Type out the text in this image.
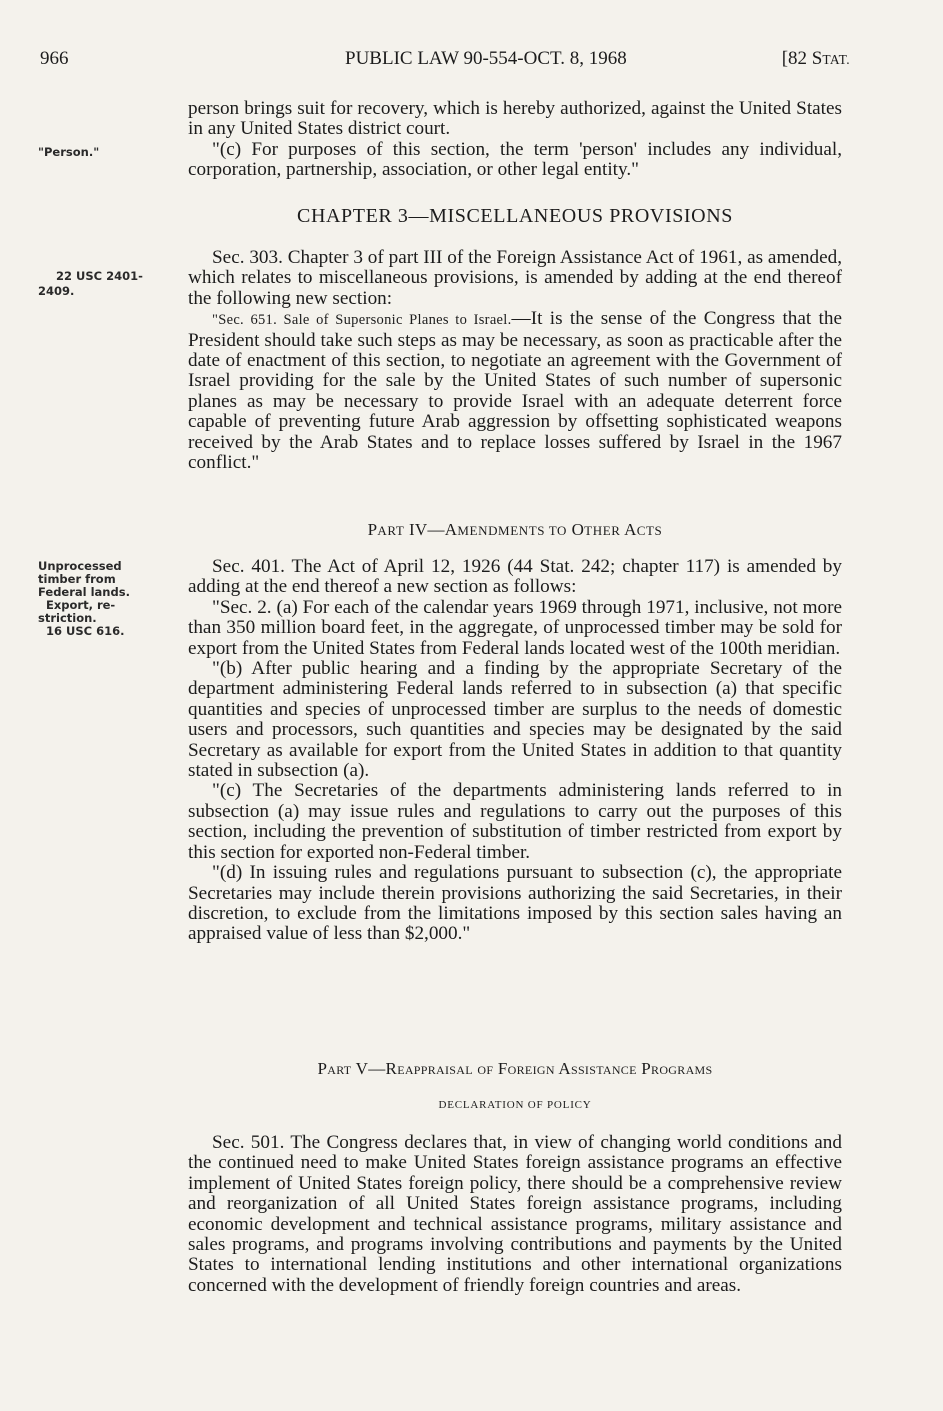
966	PUBLIC LAW 90-554-OCT. 8, 1968	[82 STAT.
"Person."
22 USC 2401-
2409.
Unprocessed
timber from
Federal lands.
Export, re-
striction.
16 USC 616.

person brings suit for recovery, which is hereby authorized, against the United States in any United States district court.

"(c) For purposes of this section, the term 'person' includes any individual, corporation, partnership, association, or other legal entity."

CHAPTER 3—MISCELLANEOUS PROVISIONS

Sec. 303. Chapter 3 of part III of the Foreign Assistance Act of 1961, as amended, which relates to miscellaneous provisions, is amended by adding at the end thereof the following new section:

"Sec. 651. Sale of Supersonic Planes to Israel.—It is the sense of the Congress that the President should take such steps as may be necessary, as soon as practicable after the date of enactment of this section, to negotiate an agreement with the Government of Israel providing for the sale by the United States of such number of supersonic planes as may be necessary to provide Israel with an adequate deterrent force capable of preventing future Arab aggression by offsetting sophisticated weapons received by the Arab States and to replace losses suffered by Israel in the 1967 conflict."

PART IV—AMENDMENTS TO OTHER ACTS

Sec. 401. The Act of April 12, 1926 (44 Stat. 242; chapter 117) is amended by adding at the end thereof a new section as follows:

"Sec. 2. (a) For each of the calendar years 1969 through 1971, inclusive, not more than 350 million board feet, in the aggregate, of unprocessed timber may be sold for export from the United States from Federal lands located west of the 100th meridian.

"(b) After public hearing and a finding by the appropriate Secretary of the department administering Federal lands referred to in subsection (a) that specific quantities and species of unprocessed timber are surplus to the needs of domestic users and processors, such quantities and species may be designated by the said Secretary as available for export from the United States in addition to that quantity stated in subsection (a).

"(c) The Secretaries of the departments administering lands referred to in subsection (a) may issue rules and regulations to carry out the purposes of this section, including the prevention of substitution of timber restricted from export by this section for exported non-Federal timber.

"(d) In issuing rules and regulations pursuant to subsection (c), the appropriate Secretaries may include therein provisions authorizing the said Secretaries, in their discretion, to exclude from the limitations imposed by this section sales having an appraised value of less than $2,000."

Part V—Reappraisal of Foreign Assistance Programs
DECLARATION OF POLICY

Sec. 501. The Congress declares that, in view of changing world conditions and the continued need to make United States foreign assistance programs an effective implement of United States foreign policy, there should be a comprehensive review and reorganization of all United States foreign assistance programs, including economic development and technical assistance programs, military assistance and sales programs, and programs involving contributions and payments by the United States to international lending institutions and other international organizations concerned with the development of friendly foreign countries and areas.
